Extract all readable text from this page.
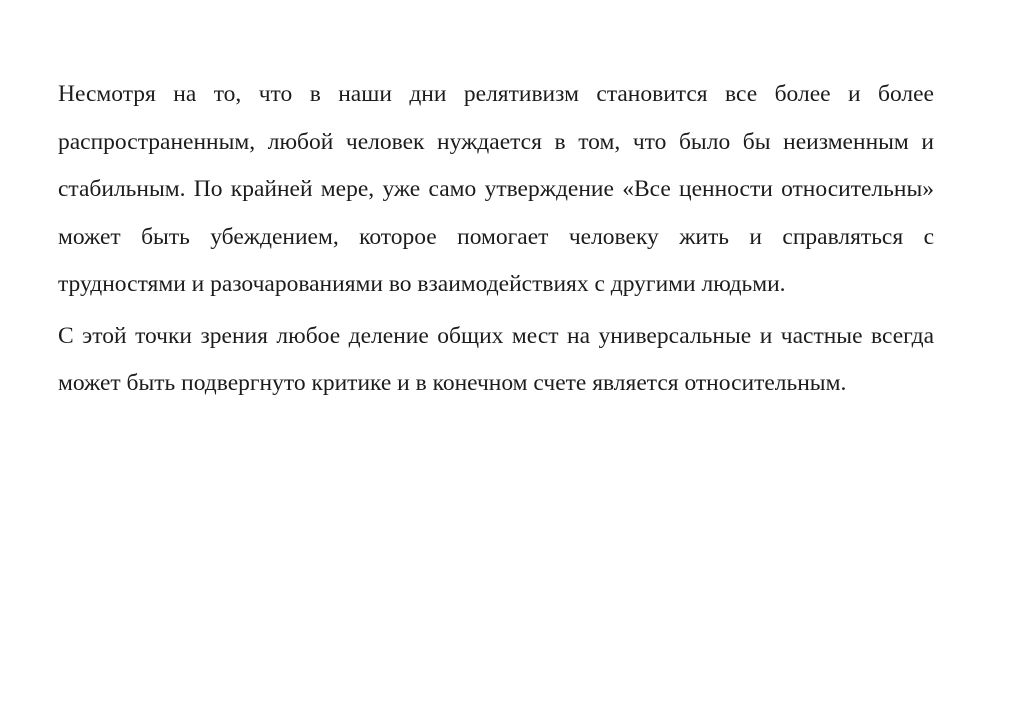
Несмотря на то, что в наши дни релятивизм становится все более и более распространенным, любой человек нуждается в том, что было бы неизменным и стабильным. По крайней мере, уже само утверждение «Все ценности относительны» может быть убеждением, которое помогает человеку жить и справляться с трудностями и разочарованиями во взаимодействиях с другими людьми.

С этой точки зрения любое деление общих мест на универсальные и частные всегда может быть подвергнуто критике и в конечном счете является относительным.
